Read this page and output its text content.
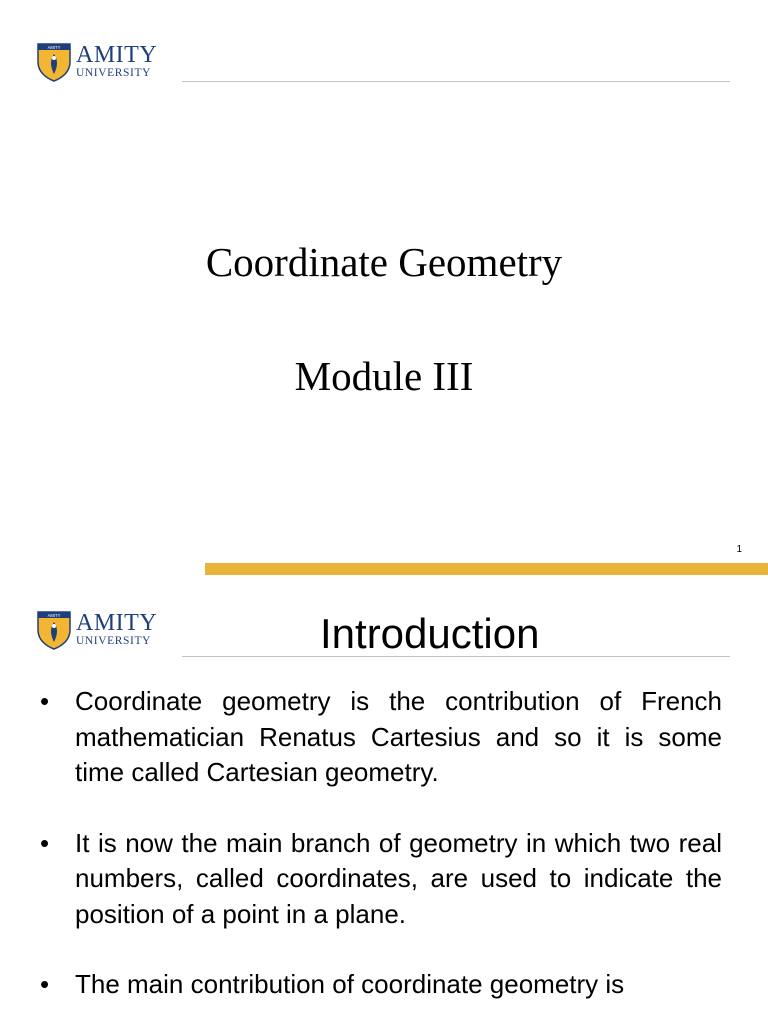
AMITY AMITY
UNIVERSITY
Coordinate Geometry
Module III
1
AMITY AMITY
UNIVERSITY	Introduction
• Coordinate geometry is the contribution of French mathematician Renatus Cartesius and so it is some time called Cartesian geometry.
• It is now the main branch of geometry in which two real numbers, called coordinates, are used to indicate the position of a point in a plane.
• The main contribution of coordinate geometry is
